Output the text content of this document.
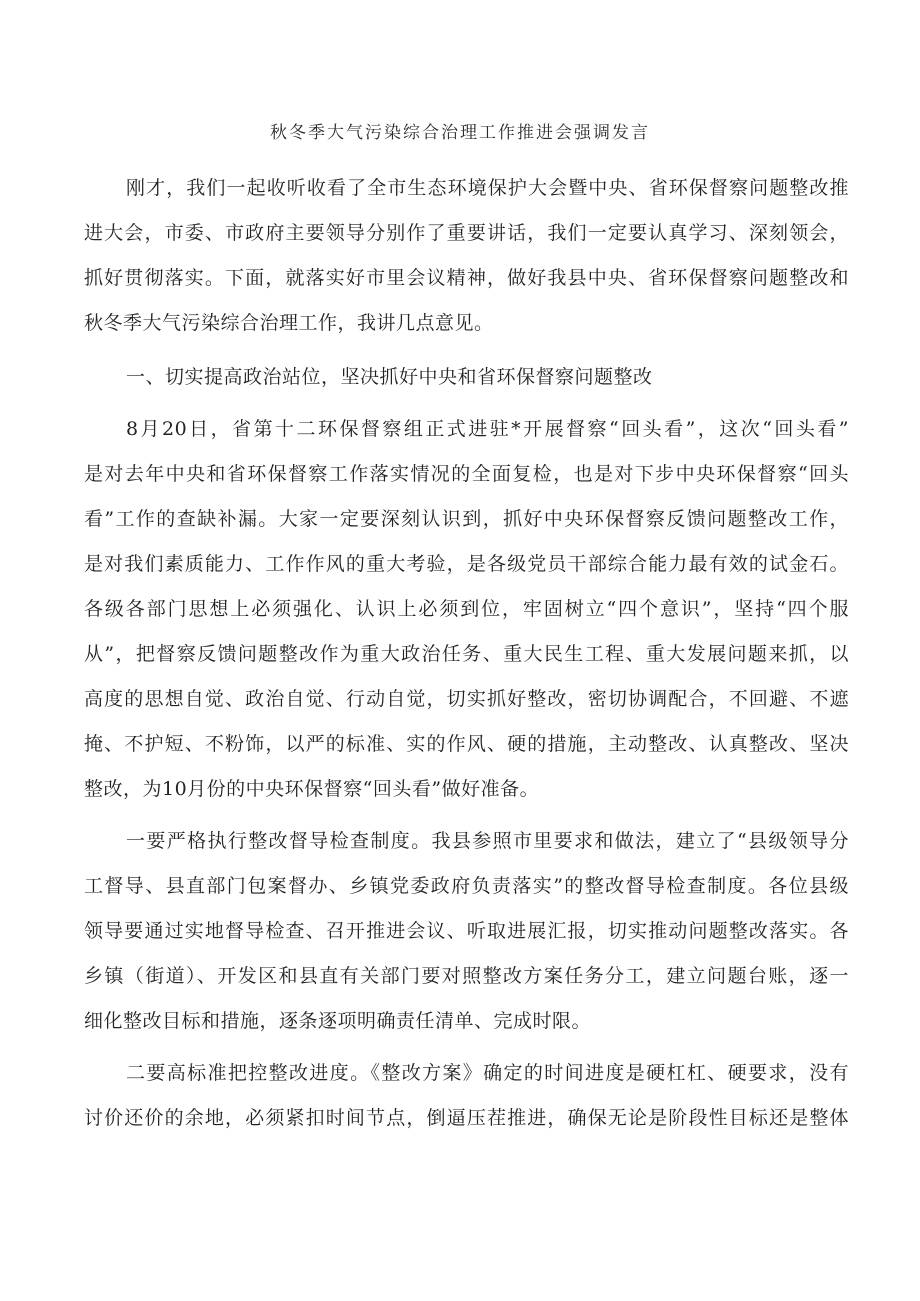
秋冬季大气污染综合治理工作推进会强调发言
刚才，我们一起收听收看了全市生态环境保护大会暨中央、省环保督察问题整改推
进大会，市委、市政府主要领导分别作了重要讲话，我们一定要认真学习、深刻领会，
抓好贯彻落实。下面，就落实好市里会议精神，做好我县中央、省环保督察问题整改和
秋冬季大气污染综合治理工作，我讲几点意见。
一、切实提高政治站位，坚决抓好中央和省环保督察问题整改
8月20日，省第十二环保督察组正式进驻*开展督察“回头看”，这次“回头看”
是对去年中央和省环保督察工作落实情况的全面复检，也是对下步中央环保督察“回头
看”工作的查缺补漏。大家一定要深刻认识到，抓好中央环保督察反馈问题整改工作，
是对我们素质能力、工作作风的重大考验，是各级党员干部综合能力最有效的试金石。
各级各部门思想上必须强化、认识上必须到位，牢固树立“四个意识”，坚持“四个服
从”，把督察反馈问题整改作为重大政治任务、重大民生工程、重大发展问题来抓，以
高度的思想自觉、政治自觉、行动自觉，切实抓好整改，密切协调配合，不回避、不遮
掩、不护短、不粉饰，以严的标准、实的作风、硬的措施，主动整改、认真整改、坚决
整改，为10月份的中央环保督察“回头看”做好准备。
一要严格执行整改督导检查制度。我县参照市里要求和做法，建立了“县级领导分
工督导、县直部门包案督办、乡镇党委政府负责落实”的整改督导检查制度。各位县级
领导要通过实地督导检查、召开推进会议、听取进展汇报，切实推动问题整改落实。各
乡镇（街道）、开发区和县直有关部门要对照整改方案任务分工，建立问题台账，逐一
细化整改目标和措施，逐条逐项明确责任清单、完成时限。
二要高标准把控整改进度。《整改方案》确定的时间进度是硬杠杠、硬要求，没有
讨价还价的余地，必须紧扣时间节点，倒逼压茬推进，确保无论是阶段性目标还是整体
